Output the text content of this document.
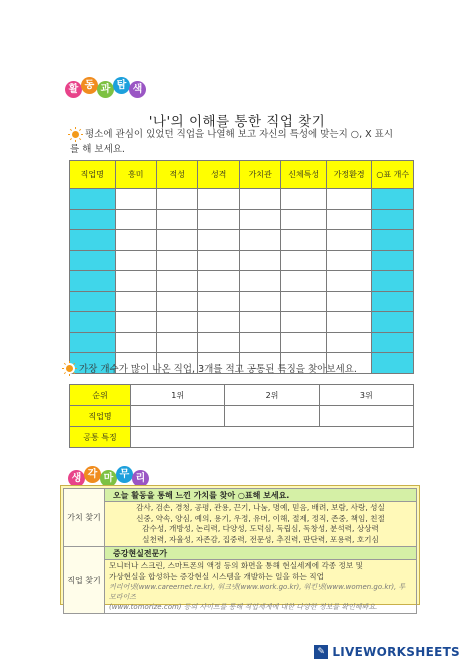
활 동 과 탐 색
'나'의 이해를 통한 직업 찾기
평소에 관심이 있었던 직업을 나열해 보고 자신의 특성에 맞는지 ○, X 표시
를 해 보세요.
직업명	흥미	적성	성격	가치관	신체특성	가정환경	○표 개수

가장 개수가 많이 나온 직업, 3개를 적고 공통된 특징을 찾아보세요.
순위	1위	2위	3위
직업명			
공통 특징			
생 각 마 무 리
가치 찾기	오늘 활동을 통해 느낀 가치를 찾아 ○표해 보세요.

	감사, 검손, 경청, 공평, 관용, 끈기, 나눔, 명예, 믿음, 배려, 보람, 사랑, 성실
신중, 약속, 양심, 예의, 용기, 우정, 유머, 이해, 절제, 정직, 존중, 책임, 친절
감수성, 개방성, 논리력, 다양성, 도덕심, 독립심, 독창성, 분석력, 상상력
실천력, 자율성, 자존감, 집중력, 전문성, 추진력, 판단력, 포용력, 호기심

직업 찾기	증강현실전문가

	모니터나 스크린, 스마트폰의 액정 등의 화면을 통해 현실세계에 각종 정보 및
가상현실을 합성하는 증강현실 시스템을 개발하는 일을 하는 직업
커리어넷(www.careernet.re.kr), 워크넷(www.work.go.kr), 워킨넷(www.women.go.kr), 투모라이즈
(www.tomorize.com) 등의 사이트를 통해 직업세계에 대한 다양한 정보를 확인해봐요.
✎ LIVEWORKSHEETS
